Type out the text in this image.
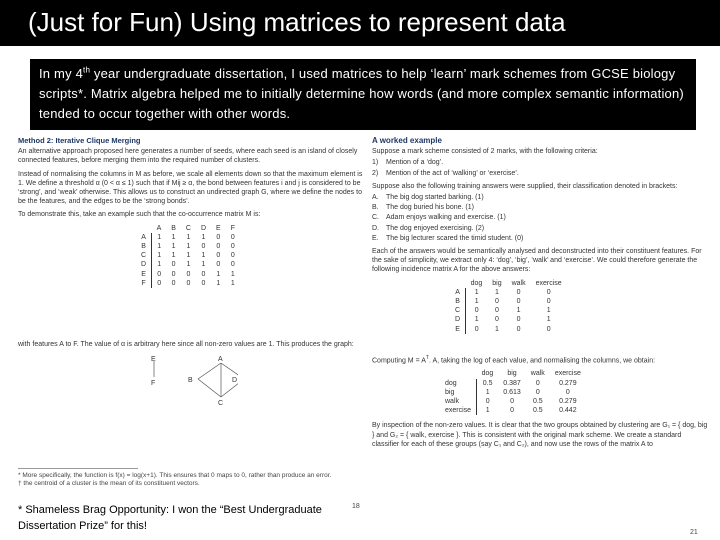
(Just for Fun) Using matrices to represent data
In my 4th year undergraduate dissertation, I used matrices to help ‘learn’ mark schemes from GCSE biology scripts*. Matrix algebra helped me to initially determine how words (and more complex semantic information) tended to occur together with other words.
Method 2: Iterative Clique Merging
An alternative approach proposed here generates a number of seeds, where each seed is an island of closely connected features, before merging them into the required number of clusters.
Instead of normalising the columns in M as before, we scale all elements down so that the maximum element is 1. We define a threshold α (0 < α ≤ 1) such that if Mij ≥ α, the bond between features i and j is considered to be ‘strong’, and ‘weak’ otherwise. This allows us to construct an undirected graph G, where we define the nodes to be the features, and the edges to be the ‘strong bonds’.
To demonstrate this, take an example such that the co-occurrence matrix M is:
	A	B	C	D	E	F
A	1	1	1	1	0	0
B	1	1	1	0	0	0
C	1	1	1	1	0	0
D	1	0	1	1	0	0
E	0	0	0	0	1	1
F	0	0	0	0	1	1
with features A to F. The value of α is arbitrary here since all non-zero values are 1. This produces the graph:
A
B
C
D
E
F
* More specifically, the function is f(x) = log(x+1). This ensures that 0 maps to 0, rather than produce an error.
† the centroid of a cluster is the mean of its constituent vectors.
18
A worked example
Suppose a mark scheme consisted of 2 marks, with the following criteria:
1) Mention of a ‘dog’.
2) Mention of the act of ‘walking’ or ‘exercise’.
Suppose also the following training answers were supplied, their classification denoted in brackets:
A. The big dog started barking. (1)
B. The dog buried his bone. (1)
C. Adam enjoys walking and exercise. (1)
D. The dog enjoyed exercising. (2)
E. The big lecturer scared the timid student. (0)
Each of the answers would be semantically analysed and deconstructed into their constituent features. For the sake of simplicity, we extract only 4: ‘dog’, ‘big’, ‘walk’ and ‘exercise’. We could therefore generate the following incidence matrix A for the above answers:
	dog	big	walk	exercise
A	1	1	0	0
B	1	0	0	0
C	0	0	1	1
D	1	0	0	1
E	0	1	0	0
Computing $M = A^T$. A, taking the log of each value, and normalising the columns, we obtain:
	dog	big	walk	exercise
dog	0.5	0.387	0	0.279
big	1	0.613	0	0
walk	0	0	0.5	0.279
exercise	1	0	0.5	0.442
By inspection of the non-zero values. It is clear that the two groups obtained by clustering are G₁ = { dog, big } and G₂ = { walk, exercise }. This is consistent with the original mark scheme. We create a standard classifier for each of these groups (say C₁ and C₂), and now use the rows of the matrix A to
21
* Shameless Brag Opportunity: I won the “Best Undergraduate Dissertation Prize” for this!
